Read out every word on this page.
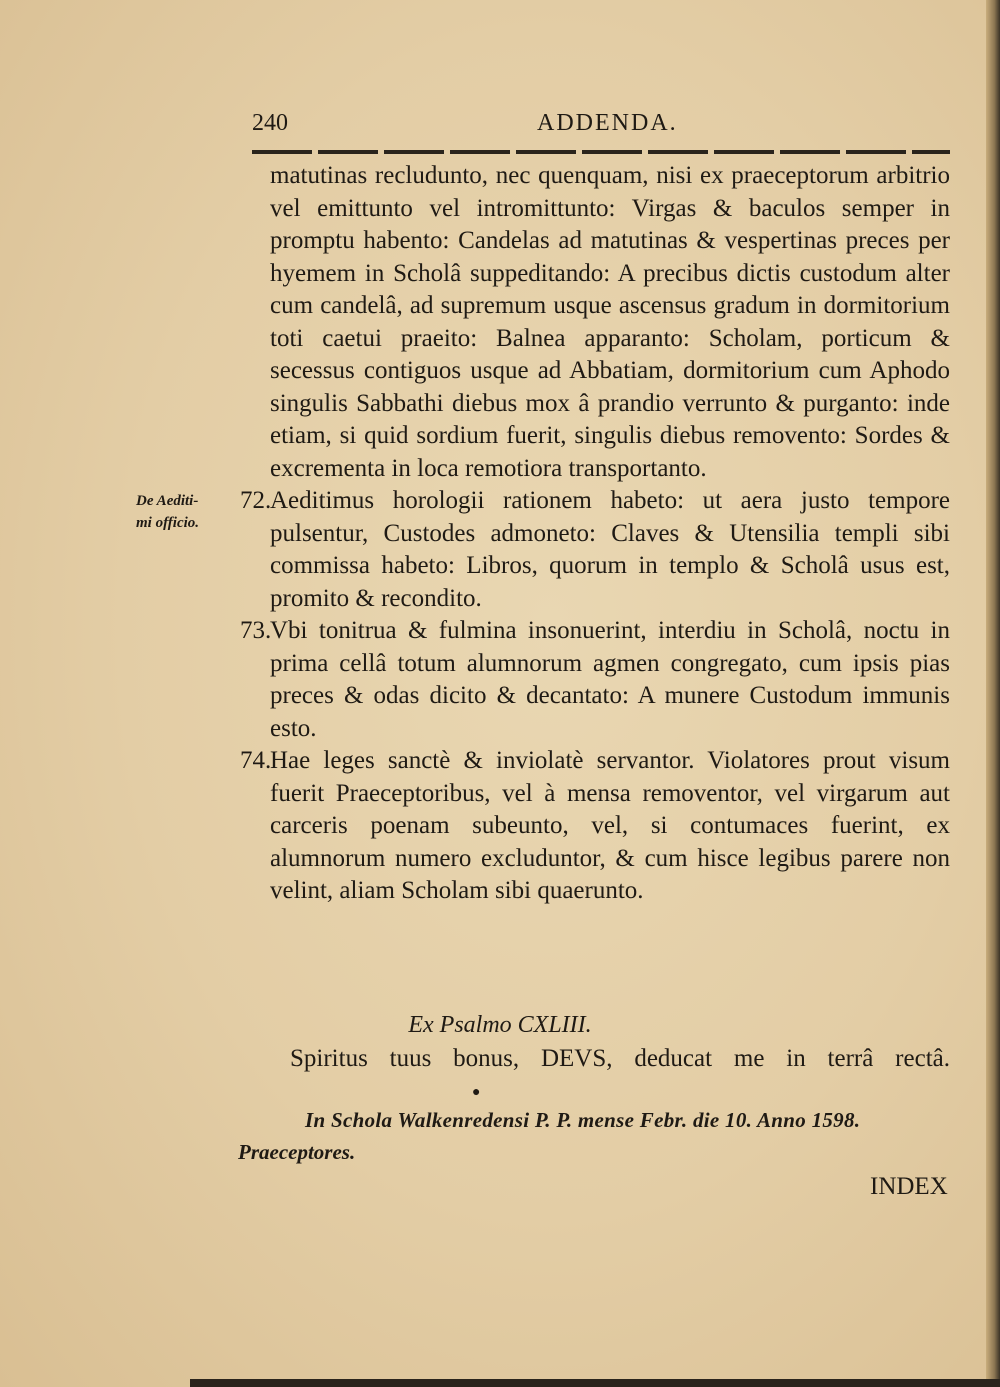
240	ADDENDA.
De Aediti-
mi officio.

matutinas recludunto, nec quenquam, nisi ex praeceptorum arbitrio vel emittunto vel intromittunto: Virgas & baculos semper in promptu habento: Candelas ad matutinas & vespertinas preces per hyemem in Scholâ suppeditando: A precibus dictis custodum alter cum candelâ, ad supremum usque ascensus gradum in dormitorium toti caetui praeito: Balnea apparanto: Scholam, porticum & secessus contiguos usque ad Abbatiam, dormitorium cum Aphodo singulis Sabbathi diebus mox â prandio verrunto & purganto: inde etiam, si quid sordium fuerit, singulis diebus removento: Sordes & excrementa in loca remotiora transportanto.

72.Aeditimus horologii rationem habeto: ut aera justo tempore pulsentur, Custodes admoneto: Claves & Utensilia templi sibi commissa habeto: Libros, quorum in templo & Scholâ usus est, promito & recondito.

73.Vbi tonitrua & fulmina insonuerint, interdiu in Scholâ, noctu in prima cellâ totum alumnorum agmen congregato, cum ipsis pias preces & odas dicito & decantato: A munere Custodum immunis esto.

74.Hae leges sanctè & inviolatè servantor. Violatores prout visum fuerit Praeceptoribus, vel à mensa removentor, vel virgarum aut carceris poenam subeunto, vel, si contumaces fuerint, ex alumnorum numero excluduntor, & cum hisce legibus parere non velint, aliam Scholam sibi quaerunto.

Ex Psalmo CXLIII.
Spiritus tuus bonus, DEVS, deducat me in terrâ rectâ.
●
In Schola Walkenredensi P. P. mense Febr. die 10. Anno 1598.
Praeceptores.
INDEX
